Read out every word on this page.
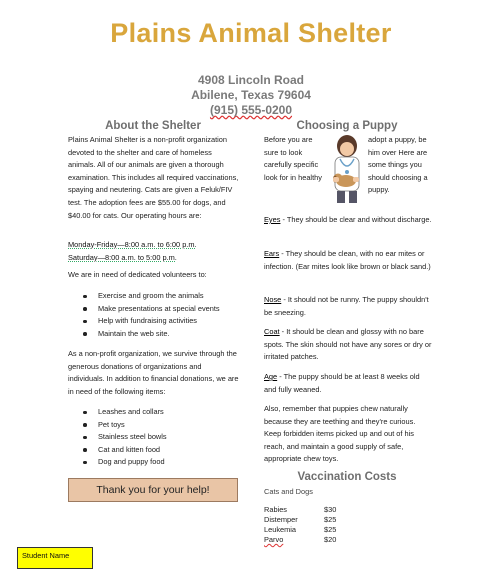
Plains Animal Shelter
4908 Lincoln Road
Abilene, Texas 79604
(915) 555-0200
About the Shelter
Plains Animal Shelter is a non-profit organization devoted to the shelter and care of homeless animals. All of our animals are given a thorough examination. This includes all required vaccinations, spaying and neutering. Cats are given a Feluk/FIV test. The adoption fees are $55.00 for dogs, and $40.00 for cats. Our operating hours are:
Monday-Friday—8:00 a.m. to 6:00 p.m.
Saturday—8:00 a.m. to 5:00 p.m.
We are in need of dedicated volunteers to:
Exercise and groom the animals
Make presentations at special events
Help with fundraising activities
Maintain the web site.
As a non-profit organization, we survive through the generous donations of organizations and individuals. In addition to financial donations, we are in need of the following items:
Leashes and collars
Pet toys
Stainless steel bowls
Cat and kitten food
Dog and puppy food
Thank you for your help!
Choosing a Puppy
Before you are sure to look carefully specific look for in healthy
adopt a puppy, be him over Here are some things you should choosing a puppy.
Eyes - They should be clear and without discharge.
Ears - They should be clean, with no ear mites or infection. (Ear mites look like brown or black sand.)
Nose - It should not be runny. The puppy shouldn't be sneezing.
Coat - It should be clean and glossy with no bare spots. The skin should not have any sores or dry or irritated patches.
Age - The puppy should be at least 8 weeks old and fully weaned.
Also, remember that puppies chew naturally because they are teething and they're curious. Keep forbidden items picked up and out of his reach, and maintain a good supply of safe, appropriate chew toys.
Vaccination Costs
Cats and Dogs
Rabies	$30
Distemper	$25
Leukemia	$25
Parvo	$20
Student Name
